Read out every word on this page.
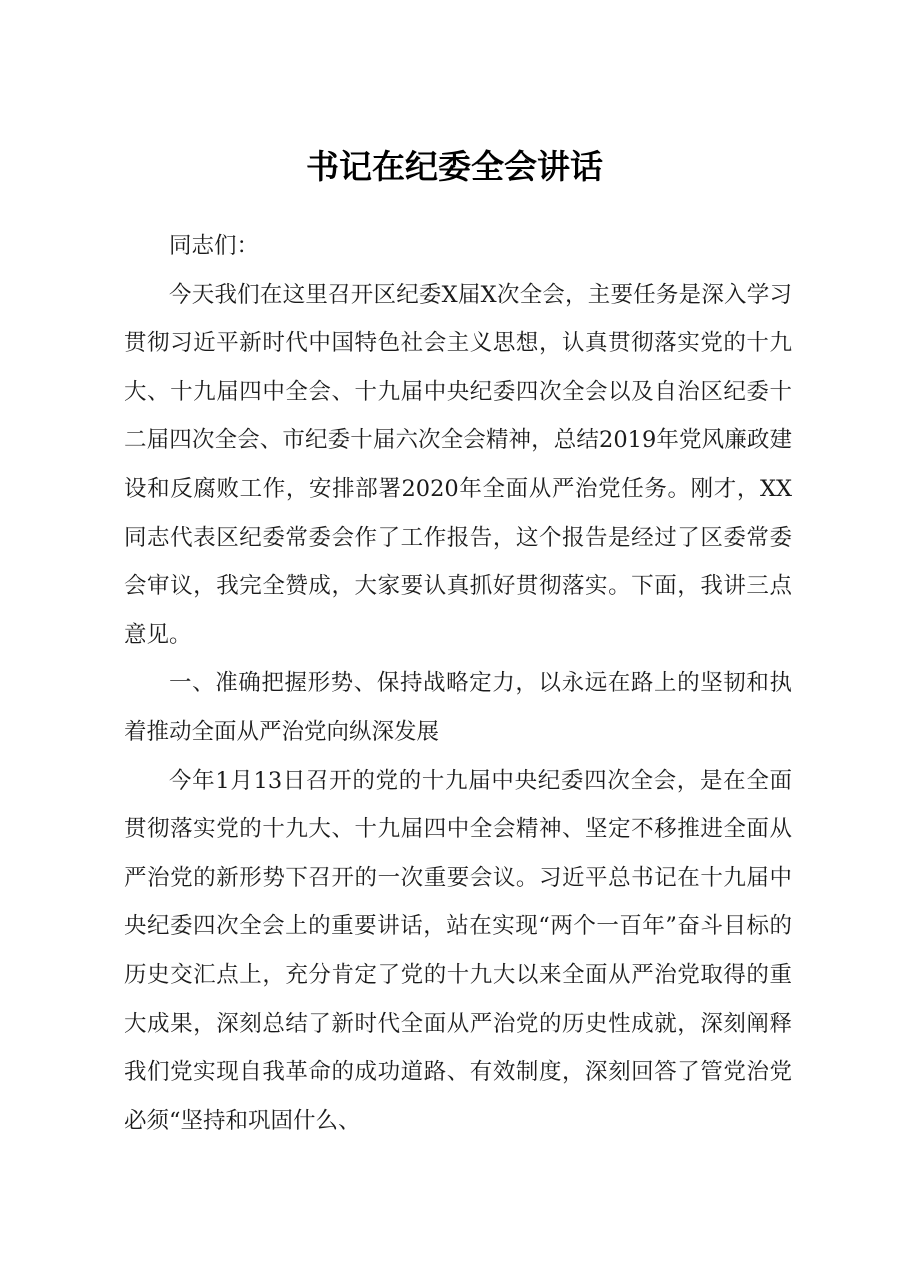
书记在纪委全会讲话

同志们：

今天我们在这里召开区纪委X届X次全会，主要任务是深入学习贯彻习近平新时代中国特色社会主义思想，认真贯彻落实党的十九大、十九届四中全会、十九届中央纪委四次全会以及自治区纪委十二届四次全会、市纪委十届六次全会精神，总结2019年党风廉政建设和反腐败工作，安排部署2020年全面从严治党任务。刚才，XX同志代表区纪委常委会作了工作报告，这个报告是经过了区委常委会审议，我完全赞成，大家要认真抓好贯彻落实。下面，我讲三点意见。

一、准确把握形势、保持战略定力，以永远在路上的坚韧和执着推动全面从严治党向纵深发展

今年1月13日召开的党的十九届中央纪委四次全会，是在全面贯彻落实党的十九大、十九届四中全会精神、坚定不移推进全面从严治党的新形势下召开的一次重要会议。习近平总书记在十九届中央纪委四次全会上的重要讲话，站在实现“两个一百年”奋斗目标的历史交汇点上，充分肯定了党的十九大以来全面从严治党取得的重大成果，深刻总结了新时代全面从严治党的历史性成就，深刻阐释我们党实现自我革命的成功道路、有效制度，深刻回答了管党治党必须“坚持和巩固什么、
